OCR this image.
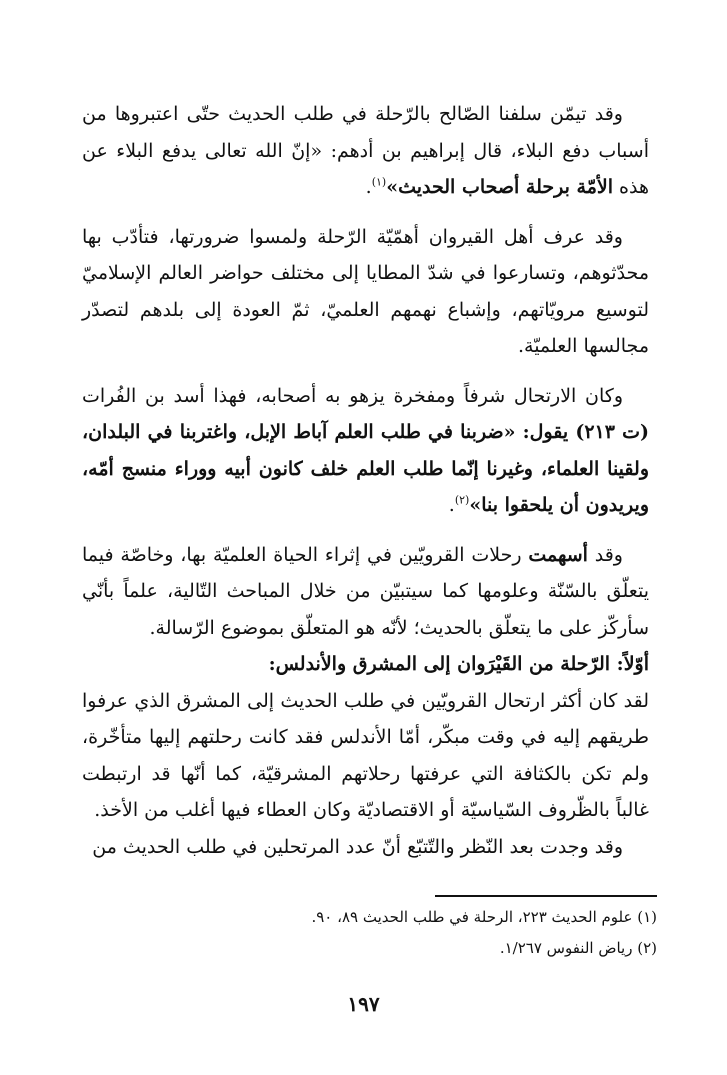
وقد تيمّن سلفنا الصّالح بالرّحلة في طلب الحديث حتّى اعتبروها من أسباب دفع البلاء، قال إبراهيم بن أدهم: «إنّ الله تعالى يدفع البلاء عن هذه الأمّة برحلة أصحاب الحديث»$^{(١)}$.

وقد عرف أهل القيروان أهمّيّة الرّحلة ولمسوا ضرورتها، فتأدّب بها محدّثوهم، وتسارعوا في شدّ المطايا إلى مختلف حواضر العالم الإسلاميّ لتوسيع مرويّاتهم، وإشباع نهمهم العلميّ، ثمّ العودة إلى بلدهم لتصدّر مجالسها العلميّة.

وكان الارتحال شرفاً ومفخرة يزهو به أصحابه، فهذا أسد بن الفُرات (ت ٢١٣) يقول: «ضربنا في طلب العلم آباط الإبل، واغتربنا في البلدان، ولقينا العلماء، وغيرنا إنّما طلب العلم خلف كانون أبيه ووراء منسج أمّه، ويريدون أن يلحقوا بنا»$^{(٢)}$.

وقد أسهمت رحلات القرويّين في إثراء الحياة العلميّة بها، وخاصّة فيما يتعلّق بالسّنّة وعلومها كما سيتبيّن من خلال المباحث التّالية، علماً بأنّي سأركّز على ما يتعلّق بالحديث؛ لأنّه هو المتعلّق بموضوع الرّسالة.

أوّلاً: الرّحلة من القَيْرَوان إلى المشرق والأندلس:

لقد كان أكثر ارتحال القرويّين في طلب الحديث إلى المشرق الذي عرفوا طريقهم إليه في وقت مبكّر، أمّا الأندلس فقد كانت رحلتهم إليها متأخّرة، ولم تكن بالكثافة التي عرفتها رحلاتهم المشرقيّة، كما أنّها قد ارتبطت غالباً بالظّروف السّياسيّة أو الاقتصاديّة وكان العطاء فيها أغلب من الأخذ.

وقد وجدت بعد النّظر والتّتبّع أنّ عدد المرتحلين في طلب الحديث من

(١) علوم الحديث ٢٢٣، الرحلة في طلب الحديث ٨٩، ٩٠.

(٢) رياض النفوس ١/٢٦٧.

١٩٧
